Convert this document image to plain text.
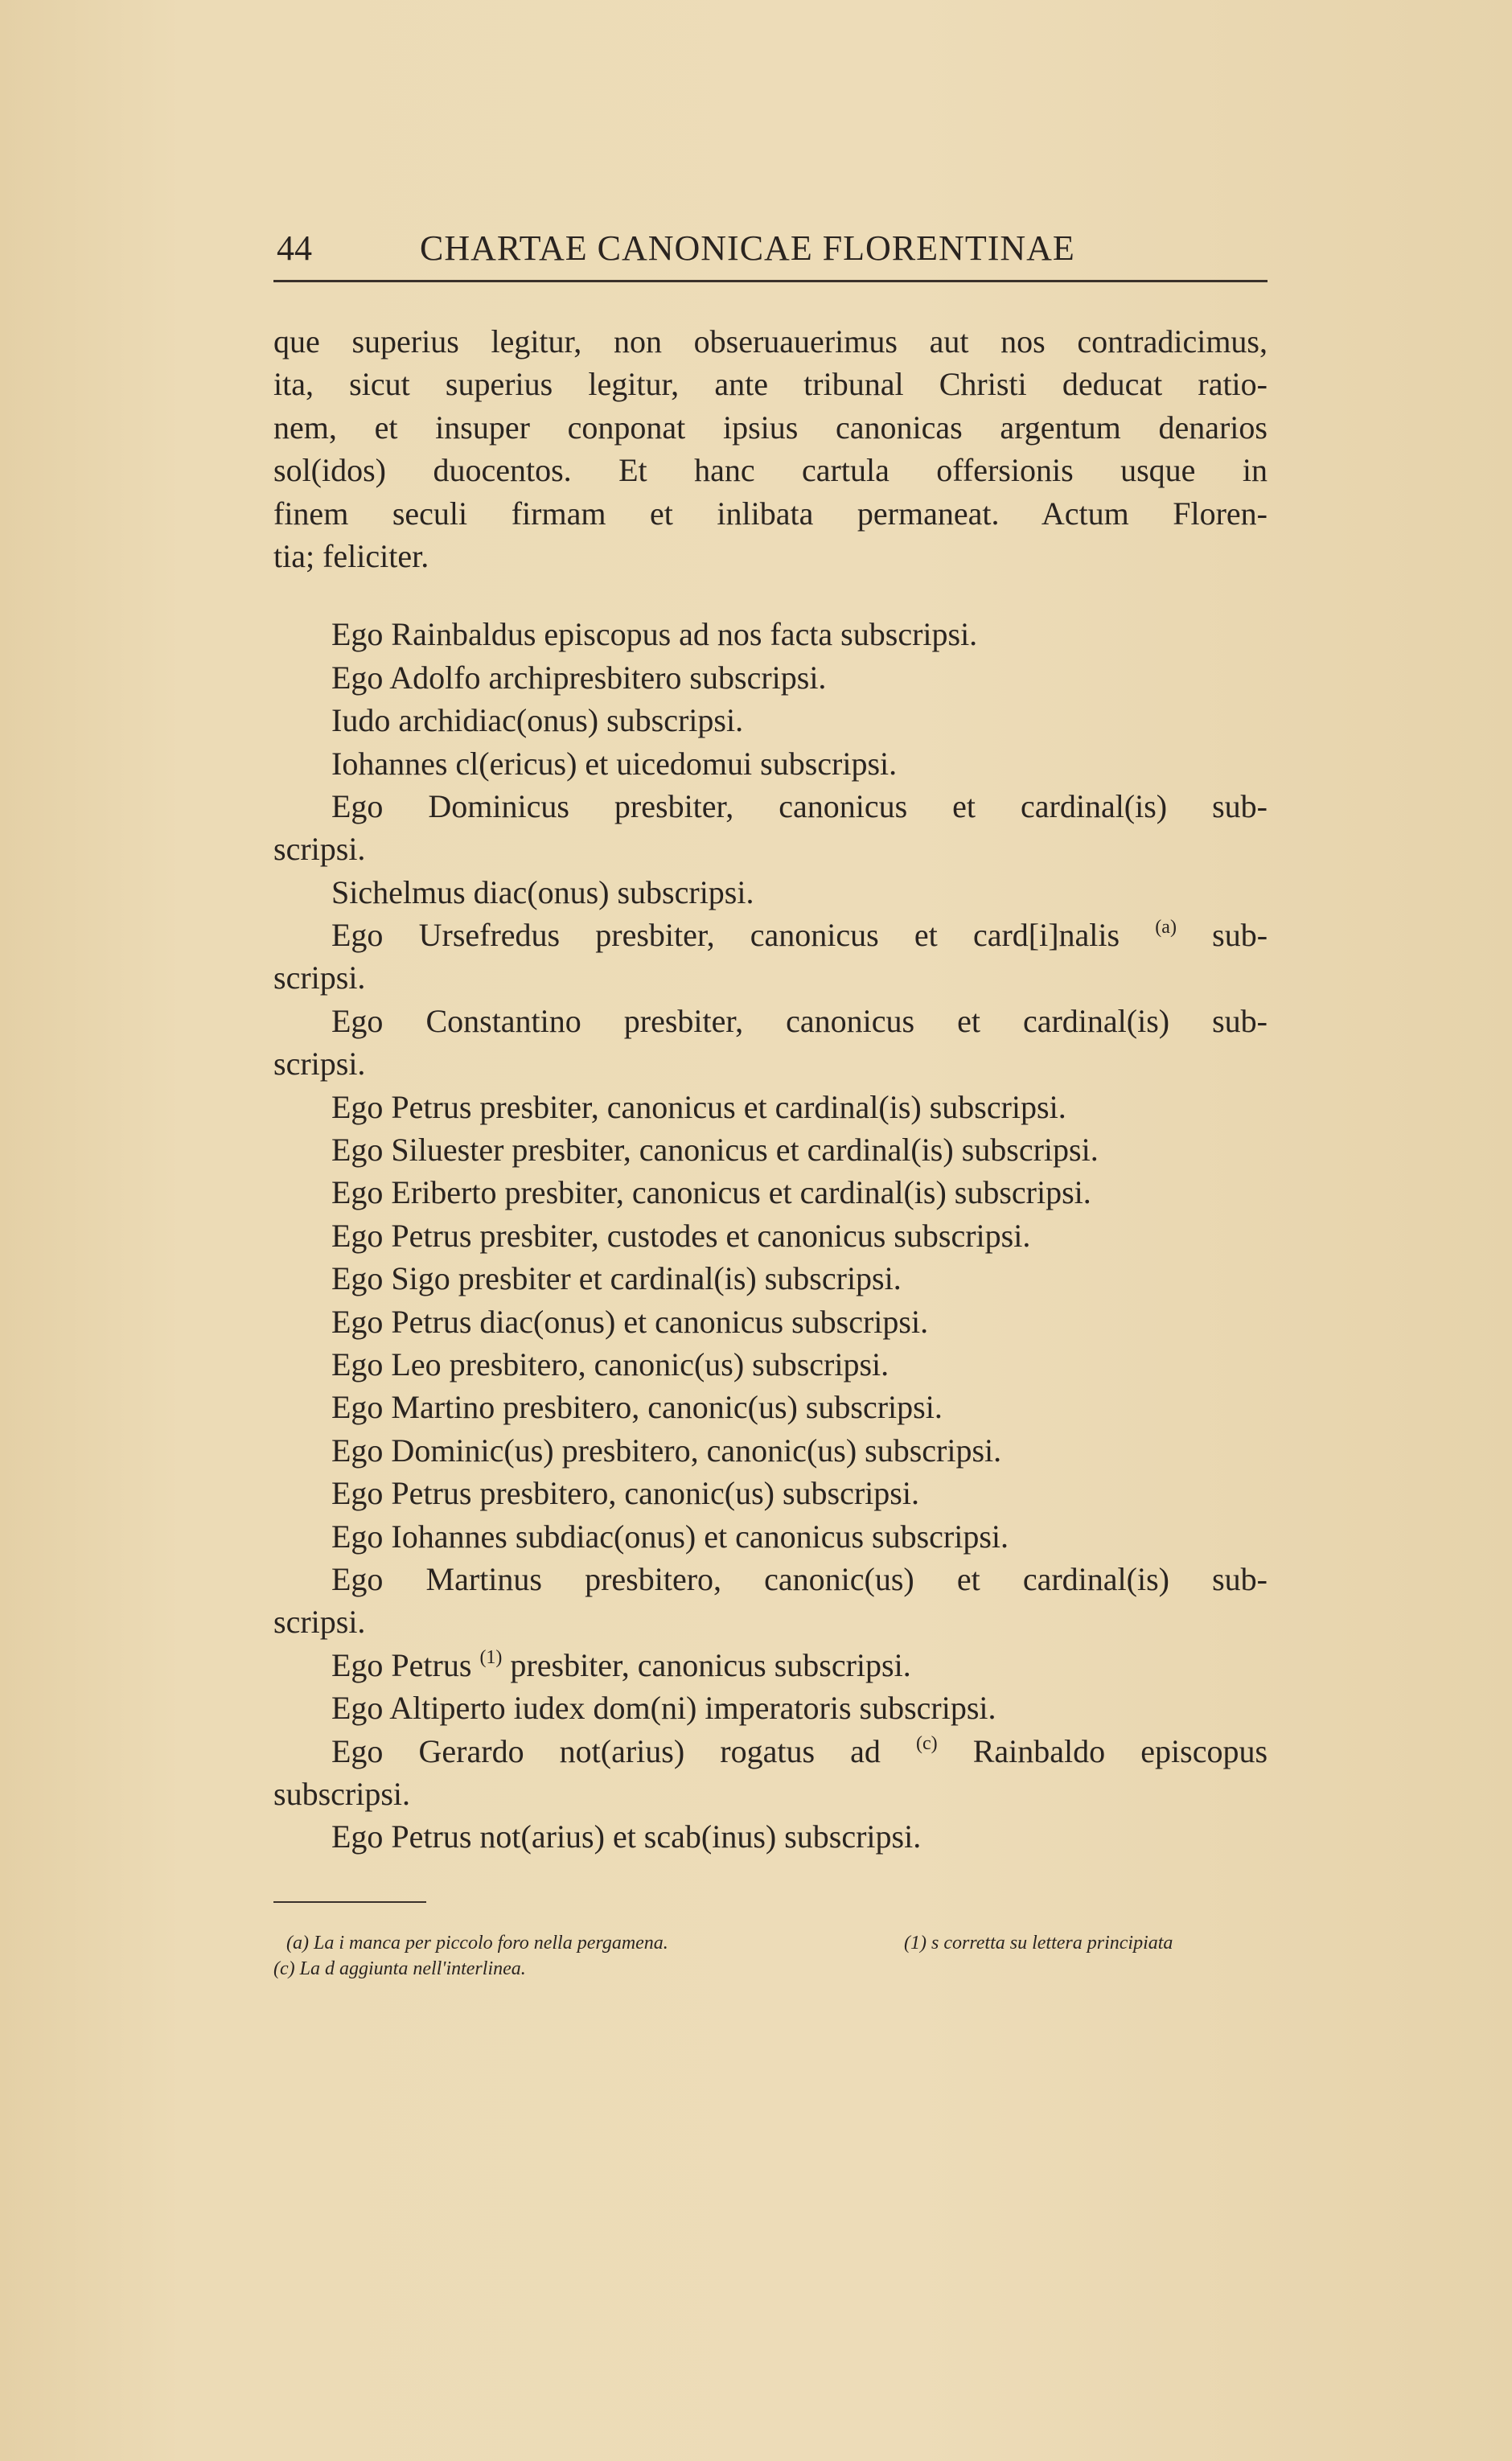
44	CHARTAE CANONICAE FLORENTINAE
que superius legitur, non obseruauerimus aut nos contradicimus,
ita, sicut superius legitur, ante tribunal Christi deducat ratio-
nem, et insuper conponat ipsius canonicas argentum denarios
sol(idos) duocentos. Et hanc cartula offersionis usque in
finem seculi firmam et inlibata permaneat. Actum Floren-
tia; feliciter.
Ego Rainbaldus episcopus ad nos facta subscripsi.
Ego Adolfo archipresbitero subscripsi.
Iudo archidiac(onus) subscripsi.
Iohannes cl(ericus) et uicedomui subscripsi.
Ego Dominicus presbiter, canonicus et cardinal(is) sub-
scripsi.
Sichelmus diac(onus) subscripsi.
Ego Ursefredus presbiter, canonicus et card[i]nalis $^{(a)}$ sub-
scripsi.
Ego Constantino presbiter, canonicus et cardinal(is) sub-
scripsi.
Ego Petrus presbiter, canonicus et cardinal(is) subscripsi.
Ego Siluester presbiter, canonicus et cardinal(is) subscripsi.
Ego Eriberto presbiter, canonicus et cardinal(is) subscripsi.
Ego Petrus presbiter, custodes et canonicus subscripsi.
Ego Sigo presbiter et cardinal(is) subscripsi.
Ego Petrus diac(onus) et canonicus subscripsi.
Ego Leo presbitero, canonic(us) subscripsi.
Ego Martino presbitero, canonic(us) subscripsi.
Ego Dominic(us) presbitero, canonic(us) subscripsi.
Ego Petrus presbitero, canonic(us) subscripsi.
Ego Iohannes subdiac(onus) et canonicus subscripsi.
Ego Martinus presbitero, canonic(us) et cardinal(is) sub-
scripsi.
Ego Petrus $^{(1)}$ presbiter, canonicus subscripsi.
Ego Altiperto iudex dom(ni) imperatoris subscripsi.
Ego Gerardo not(arius) rogatus ad $^{(c)}$ Rainbaldo episcopus
subscripsi.
Ego Petrus not(arius) et scab(inus) subscripsi.
(a) La i manca per piccolo foro nella pergamena.	(1) s corretta su lettera principiata
(c) La d aggiunta nell'interlinea.
